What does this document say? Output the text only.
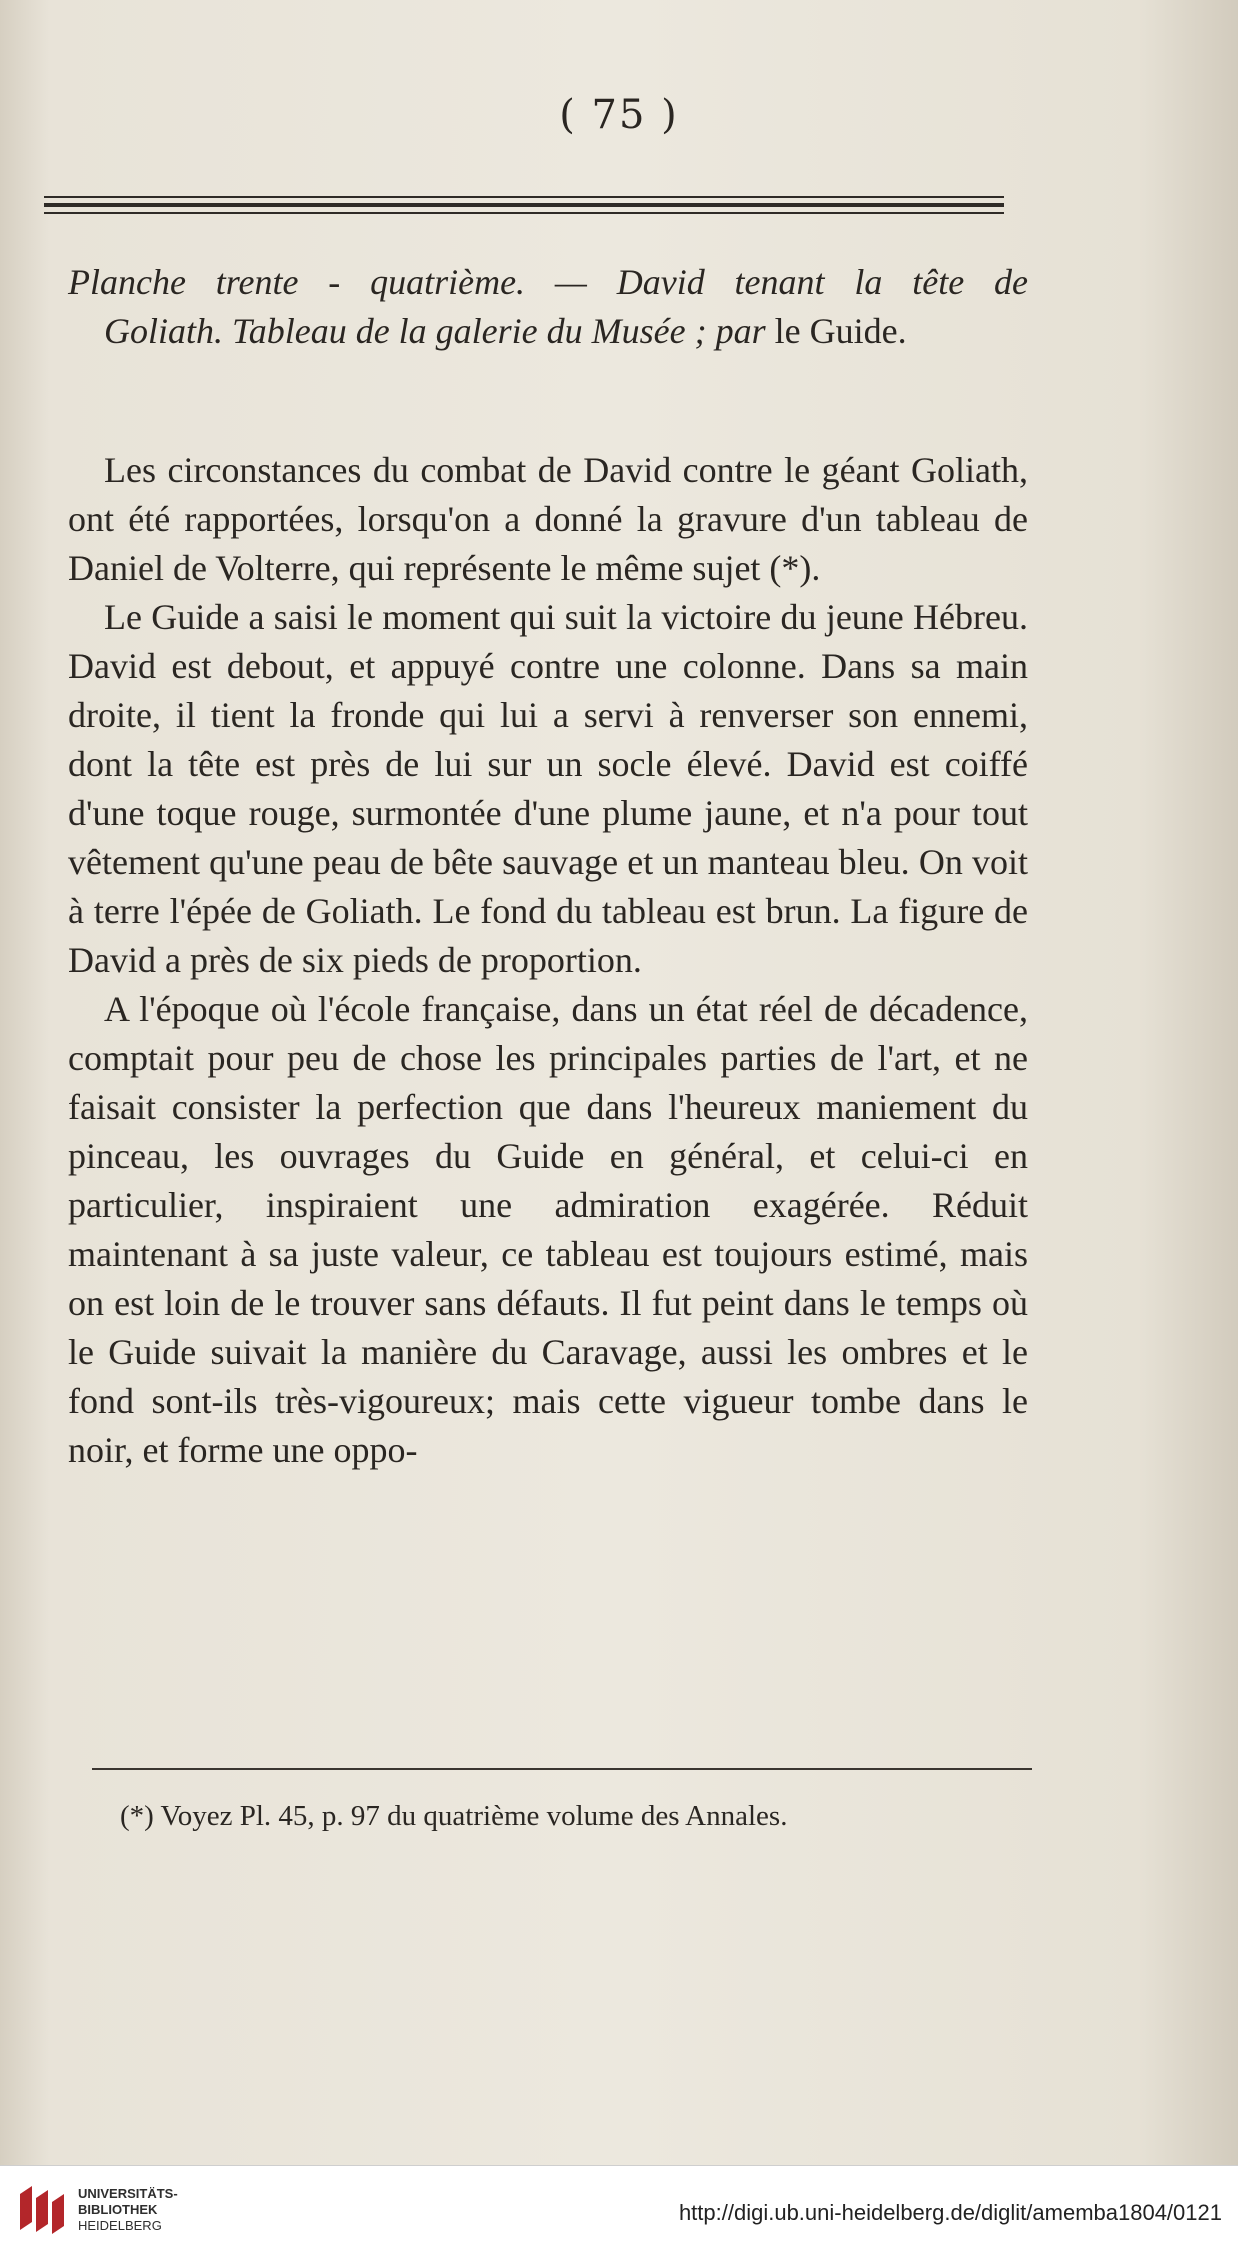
( 75 )
Planche trente - quatrième. — David tenant la tête de
Goliath. Tableau de la galerie du Musée ; par le Guide.

Les circonstances du combat de David contre le géant Goliath, ont été rapportées, lorsqu'on a donné la gravure d'un tableau de Daniel de Volterre, qui représente le même sujet (*).

Le Guide a saisi le moment qui suit la victoire du jeune Hébreu. David est debout, et appuyé contre une colonne. Dans sa main droite, il tient la fronde qui lui a servi à renverser son ennemi, dont la tête est près de lui sur un socle élevé. David est coiffé d'une toque rouge, surmontée d'une plume jaune, et n'a pour tout vêtement qu'une peau de bête sauvage et un manteau bleu. On voit à terre l'épée de Goliath. Le fond du tableau est brun. La figure de David a près de six pieds de proportion.

A l'époque où l'école française, dans un état réel de décadence, comptait pour peu de chose les principales parties de l'art, et ne faisait consister la perfection que dans l'heureux maniement du pinceau, les ouvrages du Guide en général, et celui-ci en particulier, inspiraient une admiration exagérée. Réduit maintenant à sa juste valeur, ce tableau est toujours estimé, mais on est loin de le trouver sans défauts. Il fut peint dans le temps où le Guide suivait la manière du Caravage, aussi les ombres et le fond sont-ils très-vigoureux; mais cette vigueur tombe dans le noir, et forme une oppo-

(*) Voyez Pl. 45, p. 97 du quatrième volume des Annales.
UNIVERSITÄTS-
BIBLIOTHEK
HEIDELBERG
http://digi.ub.uni-heidelberg.de/diglit/amemba1804/0121
